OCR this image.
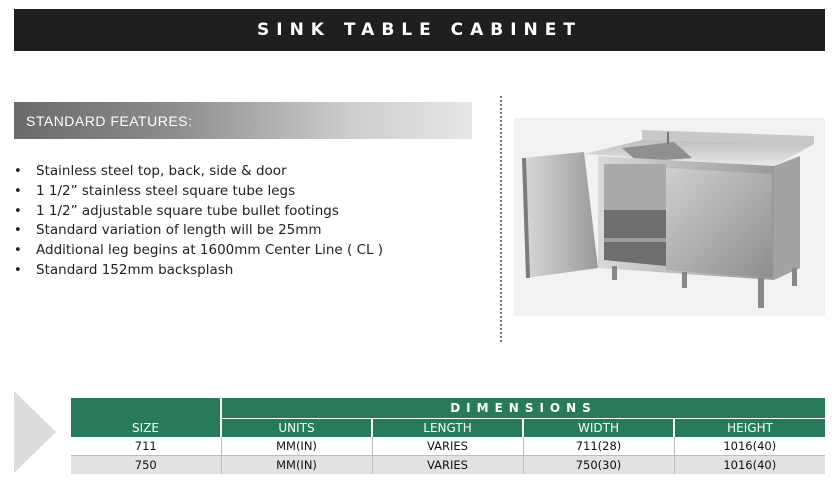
SINK TABLE CABINET
STANDARD FEATURES:
• Stainless steel top, back, side & door
• 1 1/2” stainless steel square tube legs
• 1 1/2” adjustable square tube bullet footings
• Standard variation of length will be 25mm
• Additional leg begins at 1600mm Center Line ( CL )
• Standard 152mm backsplash
	DIMENSIONS			
SIZE	UNITS	LENGTH	WIDTH	HEIGHT
711	MM(IN)	VARIES	711(28)	1016(40)
750	MM(IN)	VARIES	750(30)	1016(40)
